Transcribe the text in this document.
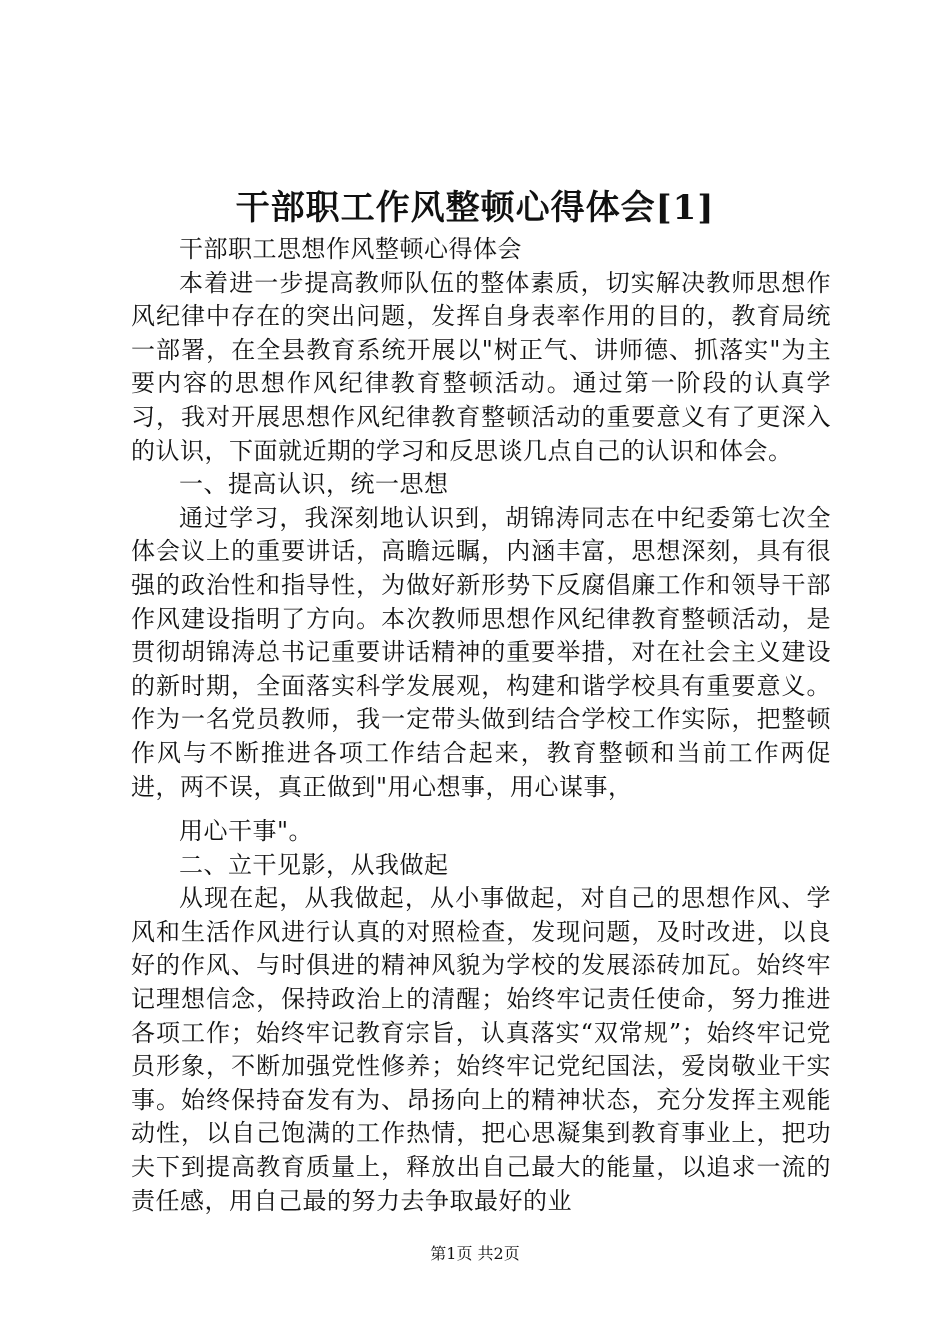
干部职工作风整顿心得体会[1]

干部职工思想作风整顿心得体会

本着进一步提高教师队伍的整体素质，切实解决教师思想作风纪律中存在的突出问题，发挥自身表率作用的目的，教育局统一部署，在全县教育系统开展以"树正气、讲师德、抓落实"为主要内容的思想作风纪律教育整顿活动。通过第一阶段的认真学习，我对开展思想作风纪律教育整顿活动的重要意义有了更深入的认识，下面就近期的学习和反思谈几点自己的认识和体会。

一、提高认识，统一思想

通过学习，我深刻地认识到，胡锦涛同志在中纪委第七次全体会议上的重要讲话，高瞻远瞩，内涵丰富，思想深刻，具有很强的政治性和指导性，为做好新形势下反腐倡廉工作和领导干部作风建设指明了方向。本次教师思想作风纪律教育整顿活动，是贯彻胡锦涛总书记重要讲话精神的重要举措，对在社会主义建设的新时期，全面落实科学发展观，构建和谐学校具有重要意义。作为一名党员教师，我一定带头做到结合学校工作实际，把整顿作风与不断推进各项工作结合起来，教育整顿和当前工作两促进，两不误，真正做到"用心想事，用心谋事，

用心干事"。

二、立干见影，从我做起

从现在起，从我做起，从小事做起，对自己的思想作风、学风和生活作风进行认真的对照检查，发现问题，及时改进，以良好的作风、与时俱进的精神风貌为学校的发展添砖加瓦。始终牢记理想信念，保持政治上的清醒；始终牢记责任使命，努力推进各项工作；始终牢记教育宗旨，认真落实“双常规”；始终牢记党员形象，不断加强党性修养；始终牢记党纪国法，爱岗敬业干实事。始终保持奋发有为、昂扬向上的精神状态，充分发挥主观能动性，以自己饱满的工作热情，把心思凝集到教育事业上，把功夫下到提高教育质量上，释放出自己最大的能量，以追求一流的责任感，用自己最的努力去争取最好的业

第1页 共2页
